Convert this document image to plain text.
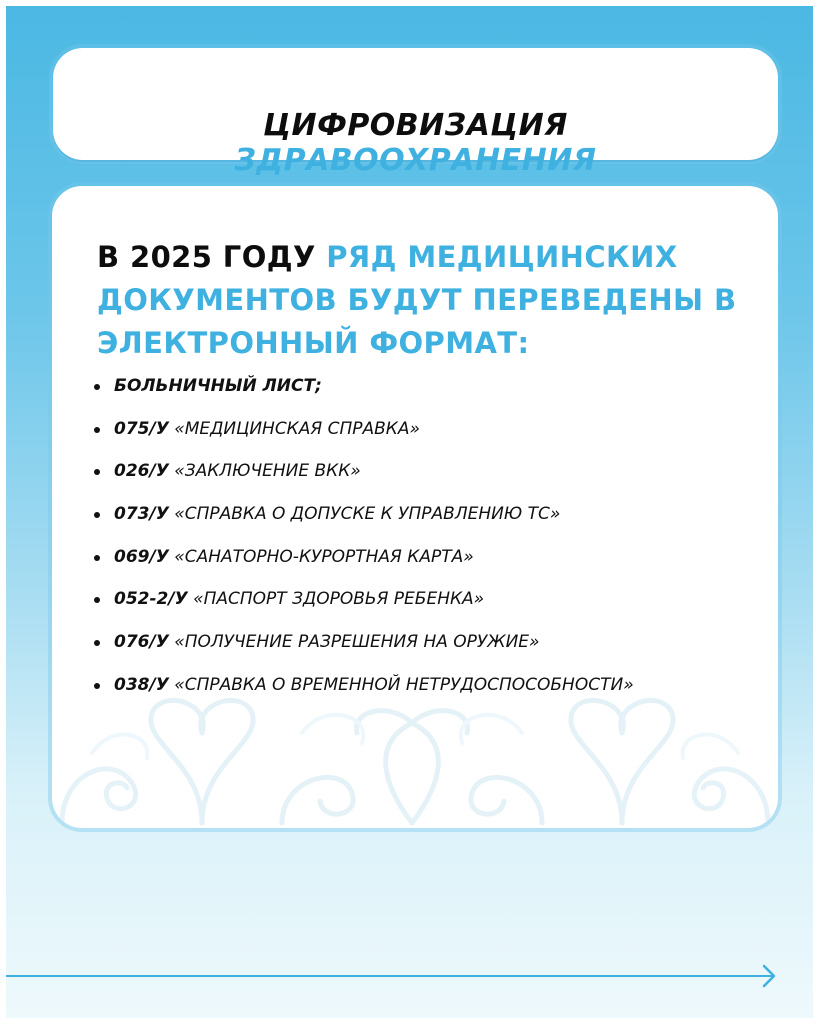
ЦИФРОВИЗАЦИЯ
ЗДРАВООХРАНЕНИЯ
В 2025 ГОДУ РЯД МЕДИЦИНСКИХ ДОКУМЕНТОВ БУДУТ ПЕРЕВЕДЕНЫ В ЭЛЕКТРОННЫЙ ФОРМАТ:
БОЛЬНИЧНЫЙ ЛИСТ;
075/У «МЕДИЦИНСКАЯ СПРАВКА»
026/У «ЗАКЛЮЧЕНИЕ ВКК»
073/У «СПРАВКА О ДОПУСКЕ К УПРАВЛЕНИЮ ТС»
069/У «САНАТОРНО-КУРОРТНАЯ КАРТА»
052-2/У «ПАСПОРТ ЗДОРОВЬЯ РЕБЕНКА»
076/У «ПОЛУЧЕНИЕ РАЗРЕШЕНИЯ НА ОРУЖИЕ»
038/У «СПРАВКА О ВРЕМЕННОЙ НЕТРУДОСПОСОБНОСТИ»
